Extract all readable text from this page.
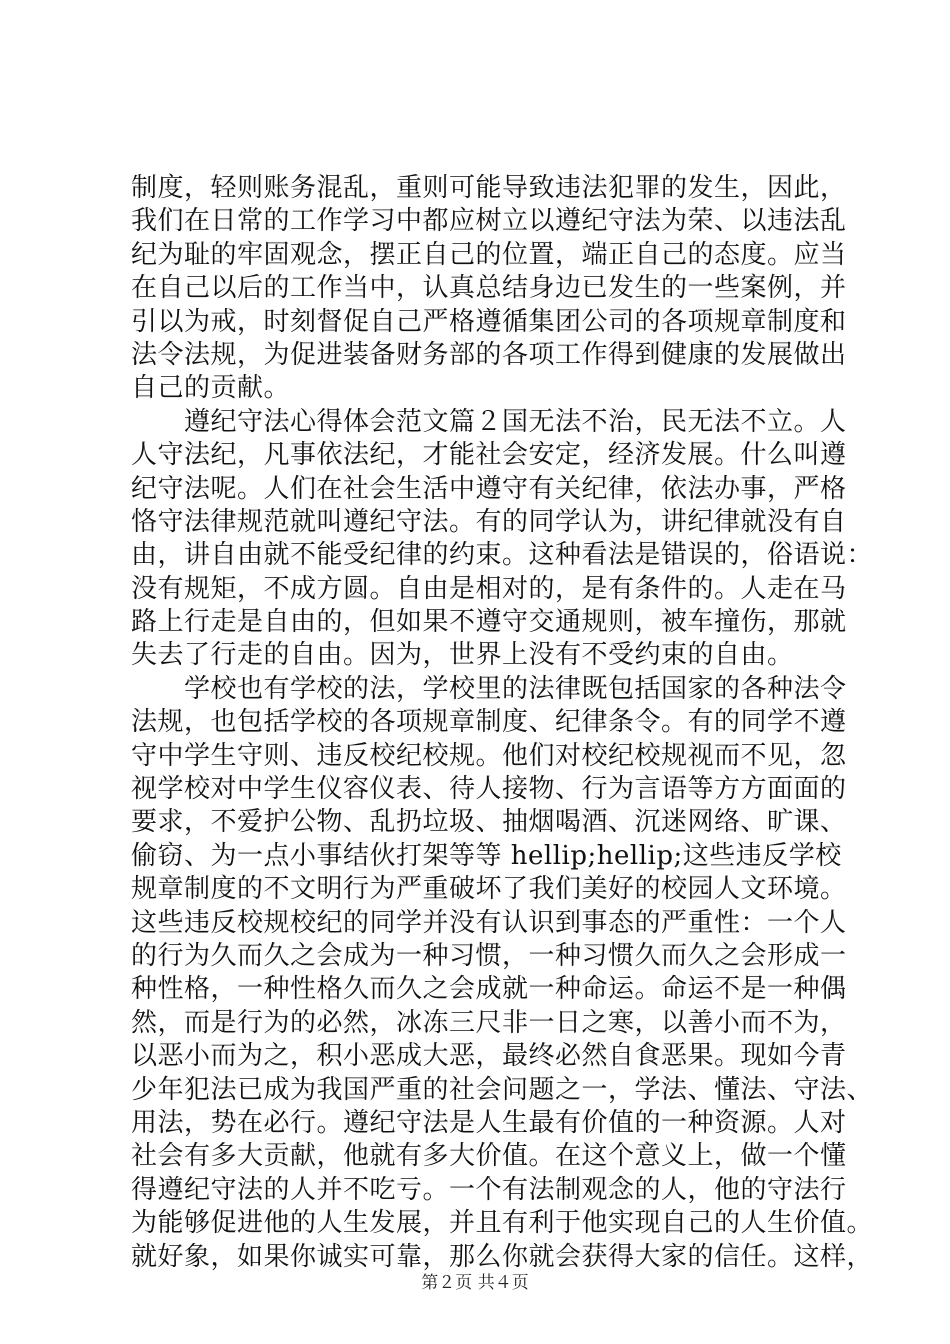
制度，轻则账务混乱，重则可能导致违法犯罪的发生，因此，
我们在日常的工作学习中都应树立以遵纪守法为荣、以违法乱
纪为耻的牢固观念，摆正自己的位置，端正自己的态度。应当
在自己以后的工作当中，认真总结身边已发生的一些案例，并
引以为戒，时刻督促自己严格遵循集团公司的各项规章制度和
法令法规，为促进装备财务部的各项工作得到健康的发展做出
自己的贡献。
　　遵纪守法心得体会范文篇２国无法不治，民无法不立。人
人守法纪，凡事依法纪，才能社会安定，经济发展。什么叫遵
纪守法呢。人们在社会生活中遵守有关纪律，依法办事，严格
恪守法律规范就叫遵纪守法。有的同学认为，讲纪律就没有自
由，讲自由就不能受纪律的约束。这种看法是错误的，俗语说：
没有规矩，不成方圆。自由是相对的，是有条件的。人走在马
路上行走是自由的，但如果不遵守交通规则，被车撞伤，那就
失去了行走的自由。因为，世界上没有不受约束的自由。
　　学校也有学校的法，学校里的法律既包括国家的各种法令
法规，也包括学校的各项规章制度、纪律条令。有的同学不遵
守中学生守则、违反校纪校规。他们对校纪校规视而不见，忽
视学校对中学生仪容仪表、待人接物、行为言语等方方面面的
要求，不爱护公物、乱扔垃圾、抽烟喝酒、沉迷网络、旷课、
偷窃、为一点小事结伙打架等等 hellip;hellip;这些违反学校
规章制度的不文明行为严重破坏了我们美好的校园人文环境。
这些违反校规校纪的同学并没有认识到事态的严重性：一个人
的行为久而久之会成为一种习惯，一种习惯久而久之会形成一
种性格，一种性格久而久之会成就一种命运。命运不是一种偶
然，而是行为的必然，冰冻三尺非一日之寒，以善小而不为，
以恶小而为之，积小恶成大恶，最终必然自食恶果。现如今青
少年犯法已成为我国严重的社会问题之一，学法、懂法、守法、
用法，势在必行。遵纪守法是人生最有价值的一种资源。人对
社会有多大贡献，他就有多大价值。在这个意义上，做一个懂
得遵纪守法的人并不吃亏。一个有法制观念的人，他的守法行
为能够促进他的人生发展，并且有利于他实现自己的人生价值。
就好象，如果你诚实可靠，那么你就会获得大家的信任。这样，
第２页 共４页
